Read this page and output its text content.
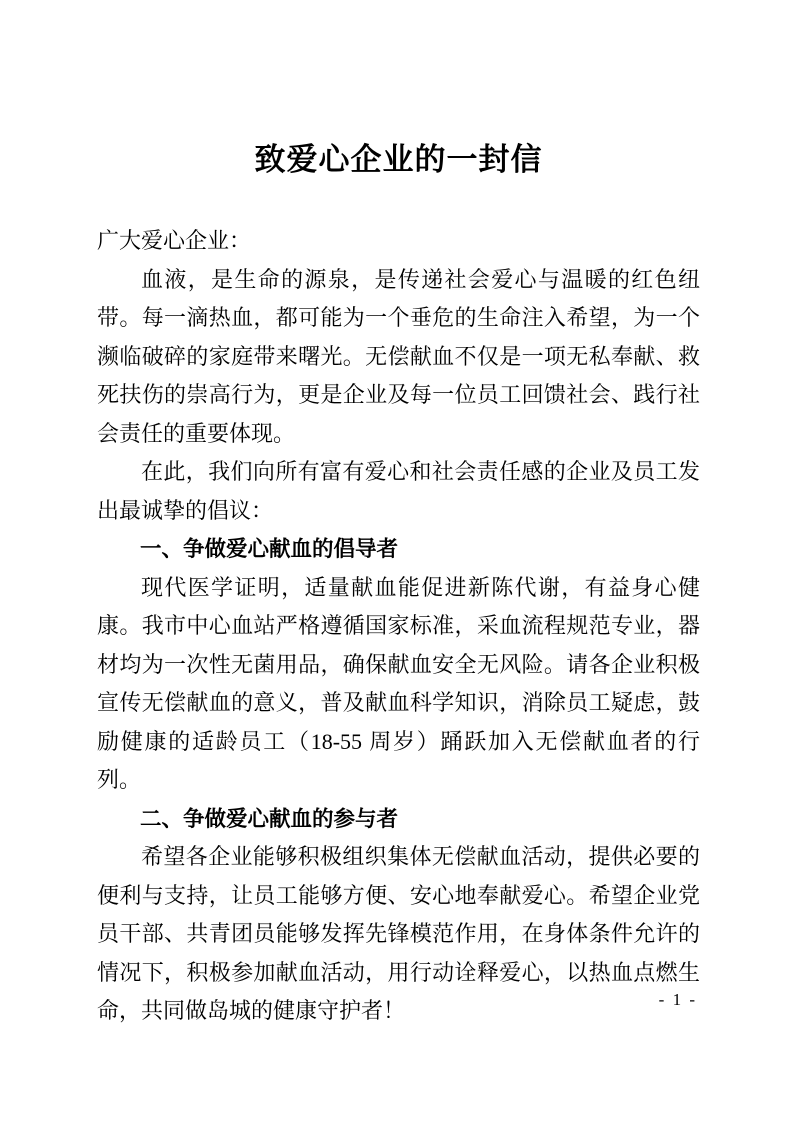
致爱心企业的一封信

广大爱心企业：

血液，是生命的源泉，是传递社会爱心与温暖的红色纽带。每一滴热血，都可能为一个垂危的生命注入希望，为一个濒临破碎的家庭带来曙光。无偿献血不仅是一项无私奉献、救死扶伤的崇高行为，更是企业及每一位员工回馈社会、践行社会责任的重要体现。

在此，我们向所有富有爱心和社会责任感的企业及员工发出最诚挚的倡议：

一、争做爱心献血的倡导者

现代医学证明，适量献血能促进新陈代谢，有益身心健康。我市中心血站严格遵循国家标准，采血流程规范专业，器材均为一次性无菌用品，确保献血安全无风险。请各企业积极宣传无偿献血的意义，普及献血科学知识，消除员工疑虑，鼓励健康的适龄员工（18-55 周岁）踊跃加入无偿献血者的行列。

二、争做爱心献血的参与者

希望各企业能够积极组织集体无偿献血活动，提供必要的便利与支持，让员工能够方便、安心地奉献爱心。希望企业党员干部、共青团员能够发挥先锋模范作用，在身体条件允许的情况下，积极参加献血活动，用行动诠释爱心，以热血点燃生命，共同做岛城的健康守护者！	- 1 -
